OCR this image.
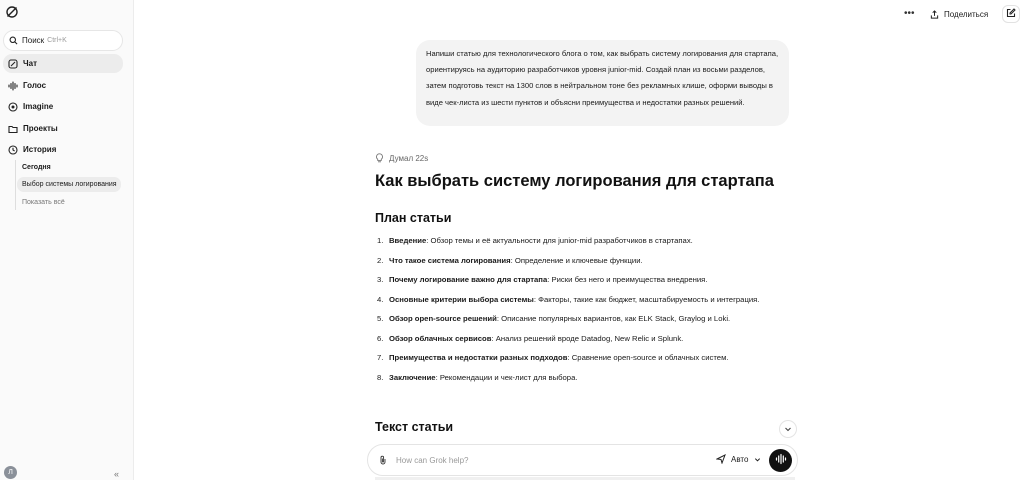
Поиск Ctrl+K
Чат
Голос
Imagine
Проекты
История
Сегодня
Выбор системы логирования
Показать всё
Л	«
•••	Поделиться
Напиши статью для технологического блога о том, как выбрать систему логирования для стартапа, ориентируясь на аудиторию разработчиков уровня junior-mid. Создай план из восьми разделов, затем подготовь текст на 1300 слов в нейтральном тоне без рекламных клише, оформи выводы в виде чек-листа из шести пунктов и объясни преимущества и недостатки разных решений.
Думал 22s
Как выбрать систему логирования для стартапа
План статьи
1. Введение: Обзор темы и её актуальности для junior-mid разработчиков в стартапах.
2. Что такое система логирования: Определение и ключевые функции.
3. Почему логирование важно для стартапа: Риски без него и преимущества внедрения.
4. Основные критерии выбора системы: Факторы, такие как бюджет, масштабируемость и интеграция.
5. Обзор open-source решений: Описание популярных вариантов, как ELK Stack, Graylog и Loki.
6. Обзор облачных сервисов: Анализ решений вроде Datadog, New Relic и Splunk.
7. Преимущества и недостатки разных подходов: Сравнение open-source и облачных систем.
8. Заключение: Рекомендации и чек-лист для выбора.
Текст статьи
How can Grok help?
Авто
